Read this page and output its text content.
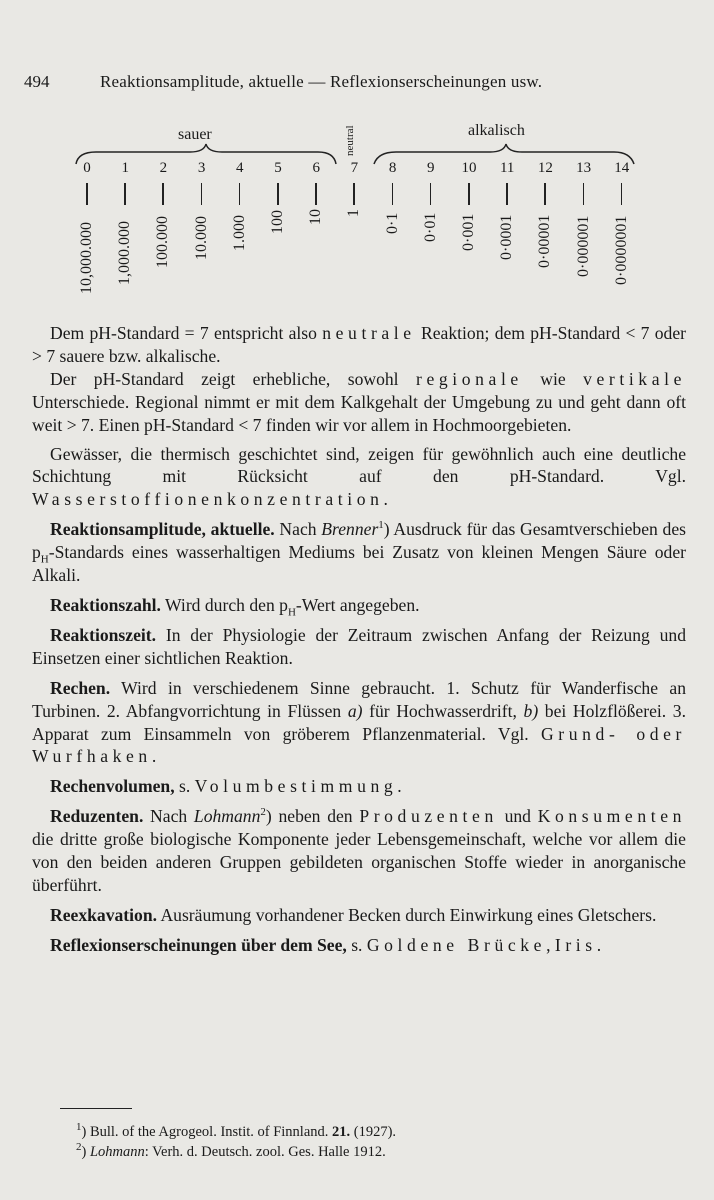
494	Reaktionsamplitude, aktuelle — Reflexionserscheinungen usw.
sauer	alkalisch
neutral
0
10,000.000
1
1,000.000
2
100.000
3
10.000
4
1.000
5
100
6
10
7
1
8
0·1
9
0·01
10
0·001
11
0·0001
12
0·00001
13
0·000001
14
0·0000001

Dem pH-Standard = 7 entspricht also neutrale Reaktion; dem pH-Standard < 7 oder > 7 sauere bzw. alkalische.

Der pH-Standard zeigt erhebliche, sowohl regionale wie vertikale Unterschiede. Regional nimmt er mit dem Kalkgehalt der Umgebung zu und geht dann oft weit > 7. Einen pH-Standard < 7 finden wir vor allem in Hochmoorgebieten.

Gewässer, die thermisch geschichtet sind, zeigen für gewöhnlich auch eine deutliche Schichtung mit Rücksicht auf den pH-Standard. Vgl. Wasserstoffionenkonzentration.

Reaktionsamplitude, aktuelle. Nach Brenner$^1$) Ausdruck für das Gesamtverschieben des $p_H$-Standards eines wasserhaltigen Mediums bei Zusatz von kleinen Mengen Säure oder Alkali.

Reaktionszahl. Wird durch den $p_H$-Wert angegeben.

Reaktionszeit. In der Physiologie der Zeitraum zwischen Anfang der Reizung und Einsetzen einer sichtlichen Reaktion.

Rechen. Wird in verschiedenem Sinne gebraucht. 1. Schutz für Wanderfische an Turbinen. 2. Abfangvorrichtung in Flüssen a) für Hochwasserdrift, b) bei Holzflößerei. 3. Apparat zum Einsammeln von gröberem Pflanzenmaterial. Vgl. Grund- oder Wurfhaken.

Rechenvolumen, s. Volumbestimmung.

Reduzenten. Nach Lohmann$^2$) neben den Produzenten und Konsumenten die dritte große biologische Komponente jeder Lebensgemeinschaft, welche vor allem die von den beiden anderen Gruppen gebildeten organischen Stoffe wieder in anorganische überführt.

Reexkavation. Ausräumung vorhandener Becken durch Einwirkung eines Gletschers.

Reflexionserscheinungen über dem See, s. Goldene Brücke, Iris.

$^1$) Bull. of the Agrogeol. Instit. of Finnland. 21. (1927).
$^2$) Lohmann: Verh. d. Deutsch. zool. Ges. Halle 1912.
